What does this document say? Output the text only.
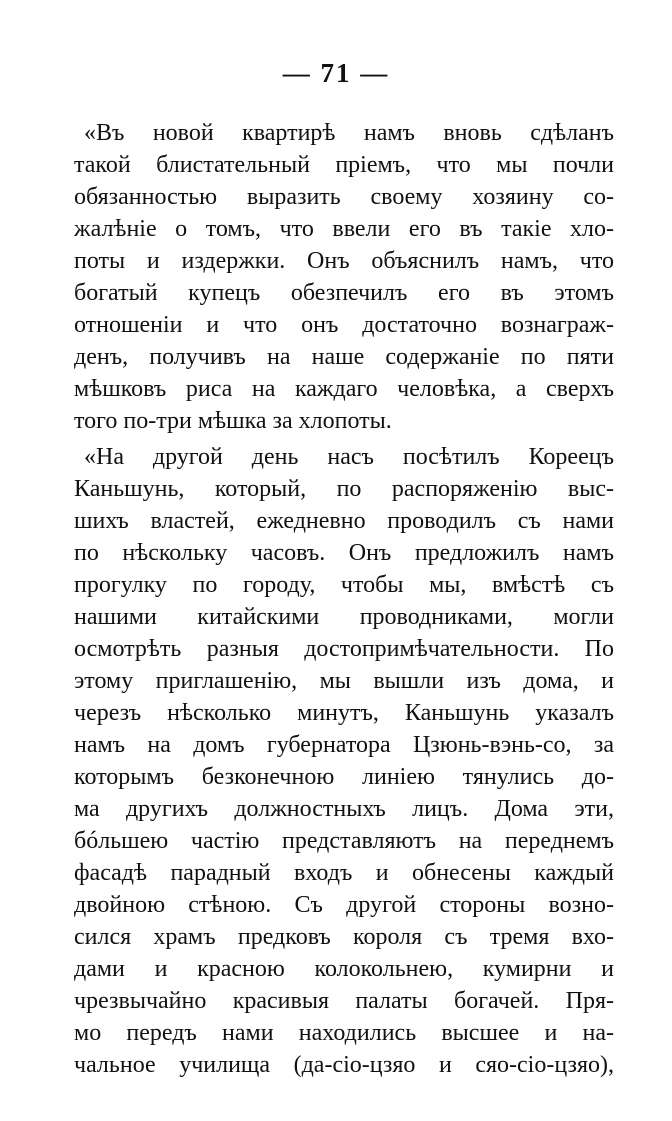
— 71 —
«Въ новой квартирѣ намъ вновь сдѣланъ
такой блистательный пріемъ, что мы почли
обязанностью выразить своему хозяину со-
жалѣніе о томъ, что ввели его въ такіе хло-
поты и издержки. Онъ объяснилъ намъ, что
богатый купецъ обезпечилъ его въ этомъ
отношеніи и что онъ достаточно вознаграж-
денъ, получивъ на наше содержаніе по пяти
мѣшковъ риса на каждаго человѣка, а сверхъ
того по-три мѣшка за хлопоты.
«На другой день насъ посѣтилъ Кореецъ
Каньшунь, который, по распоряженію выс-
шихъ властей, ежедневно проводилъ съ нами
по нѣскольку часовъ. Онъ предложилъ намъ
прогулку по городу, чтобы мы, вмѣстѣ съ
нашими китайскими проводниками, могли
осмотрѣть разныя достопримѣчательности. По
этому приглашенію, мы вышли изъ дома, и
черезъ нѣсколько минутъ, Каньшунь указалъ
намъ на домъ губернатора Цзюнь-вэнь-со, за
которымъ безконечною линіею тянулись до-
ма другихъ должностныхъ лицъ. Дома эти,
бóльшею частію представляютъ на переднемъ
фасадѣ парадный входъ и обнесены каждый
двойною стѣною. Съ другой стороны возно-
сился храмъ предковъ короля съ тремя вхо-
дами и красною колокольнею, кумирни и
чрезвычайно красивыя палаты богачей. Пря-
мо передъ нами находились высшее и на-
чальное училища (да-сіо-цзяо и сяо-сіо-цзяо),
